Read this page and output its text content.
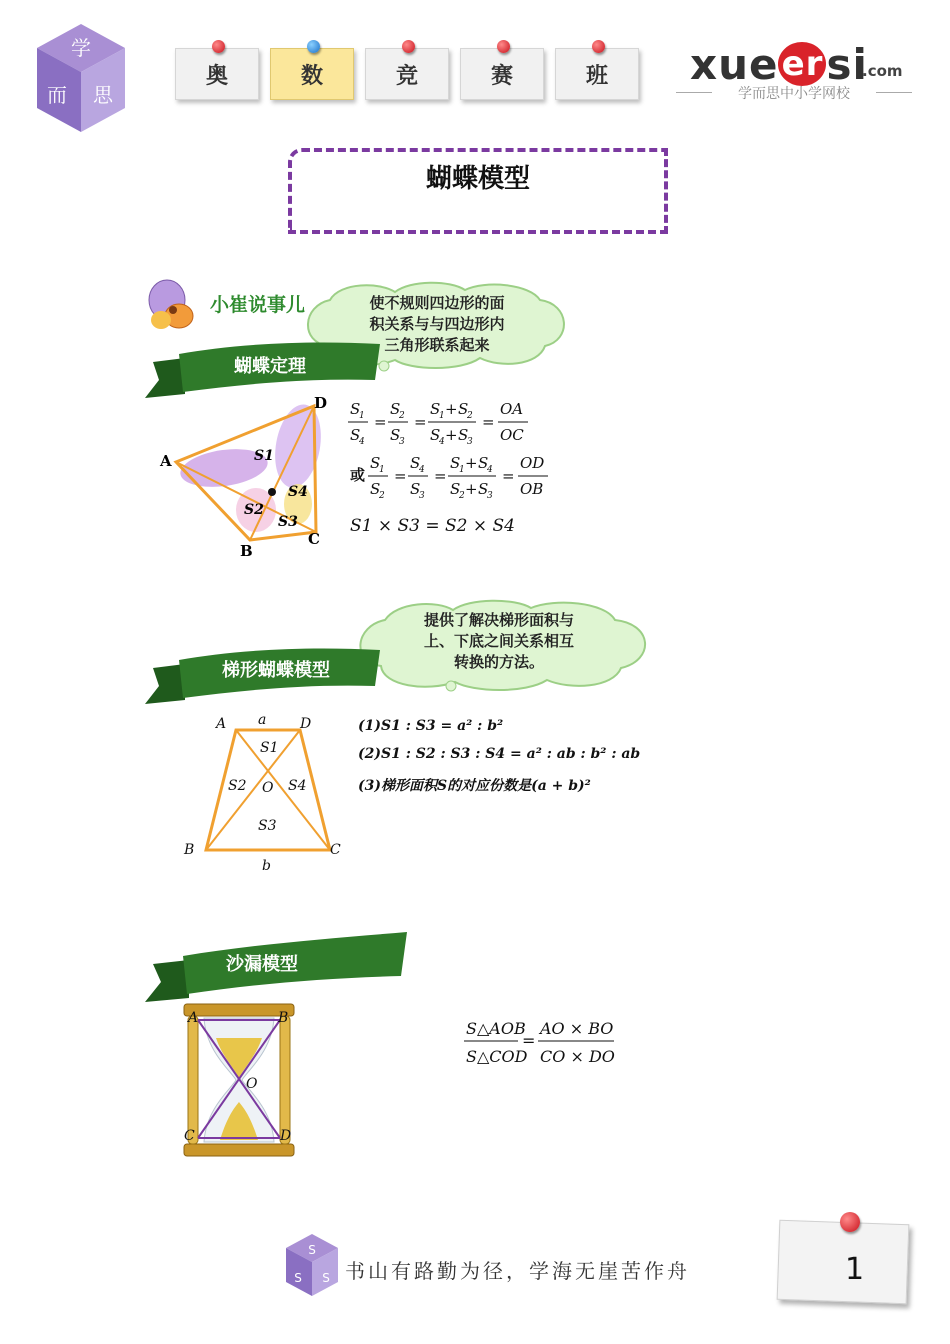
学
而 思
奥	数	竞	赛	班 xueersi
.com
学而思中小学网校
蝴蝶模型
小崔说事儿	使不规则四边形的面
积关系与与四边形内
三角形联系起来
蝴蝶定理
A
D
B
C
S1
S2
S3
S4
S
1
S
4
=
S
2
S
3
=
S
1 + S
2
S
4 + S
3
=
OA
OC
或
S
1
S
2
=
S
4
S
3
=
S
1 + S
4
S
2 + S
3
=
OD
OB
S1 × S3 = S2 × S4
提供了解决梯形面积与
上、下底之间关系相互
转换的方法。
梯形蝴蝶模型
A a D
B	C
b
O
S1
S2
S3
S4
(1)S1 : S3 = a² : b²
(2)S1 : S2 : S3 : S4 = a² : ab : b² : ab
(3)梯形面积S的对应份数是(a + b)²
沙漏模型
A	B
C	D
O
S△AOB
S△COD
=
AO × BO
CO × DO
S
S S 书山有路勤为径，学海无崖苦作舟	1
